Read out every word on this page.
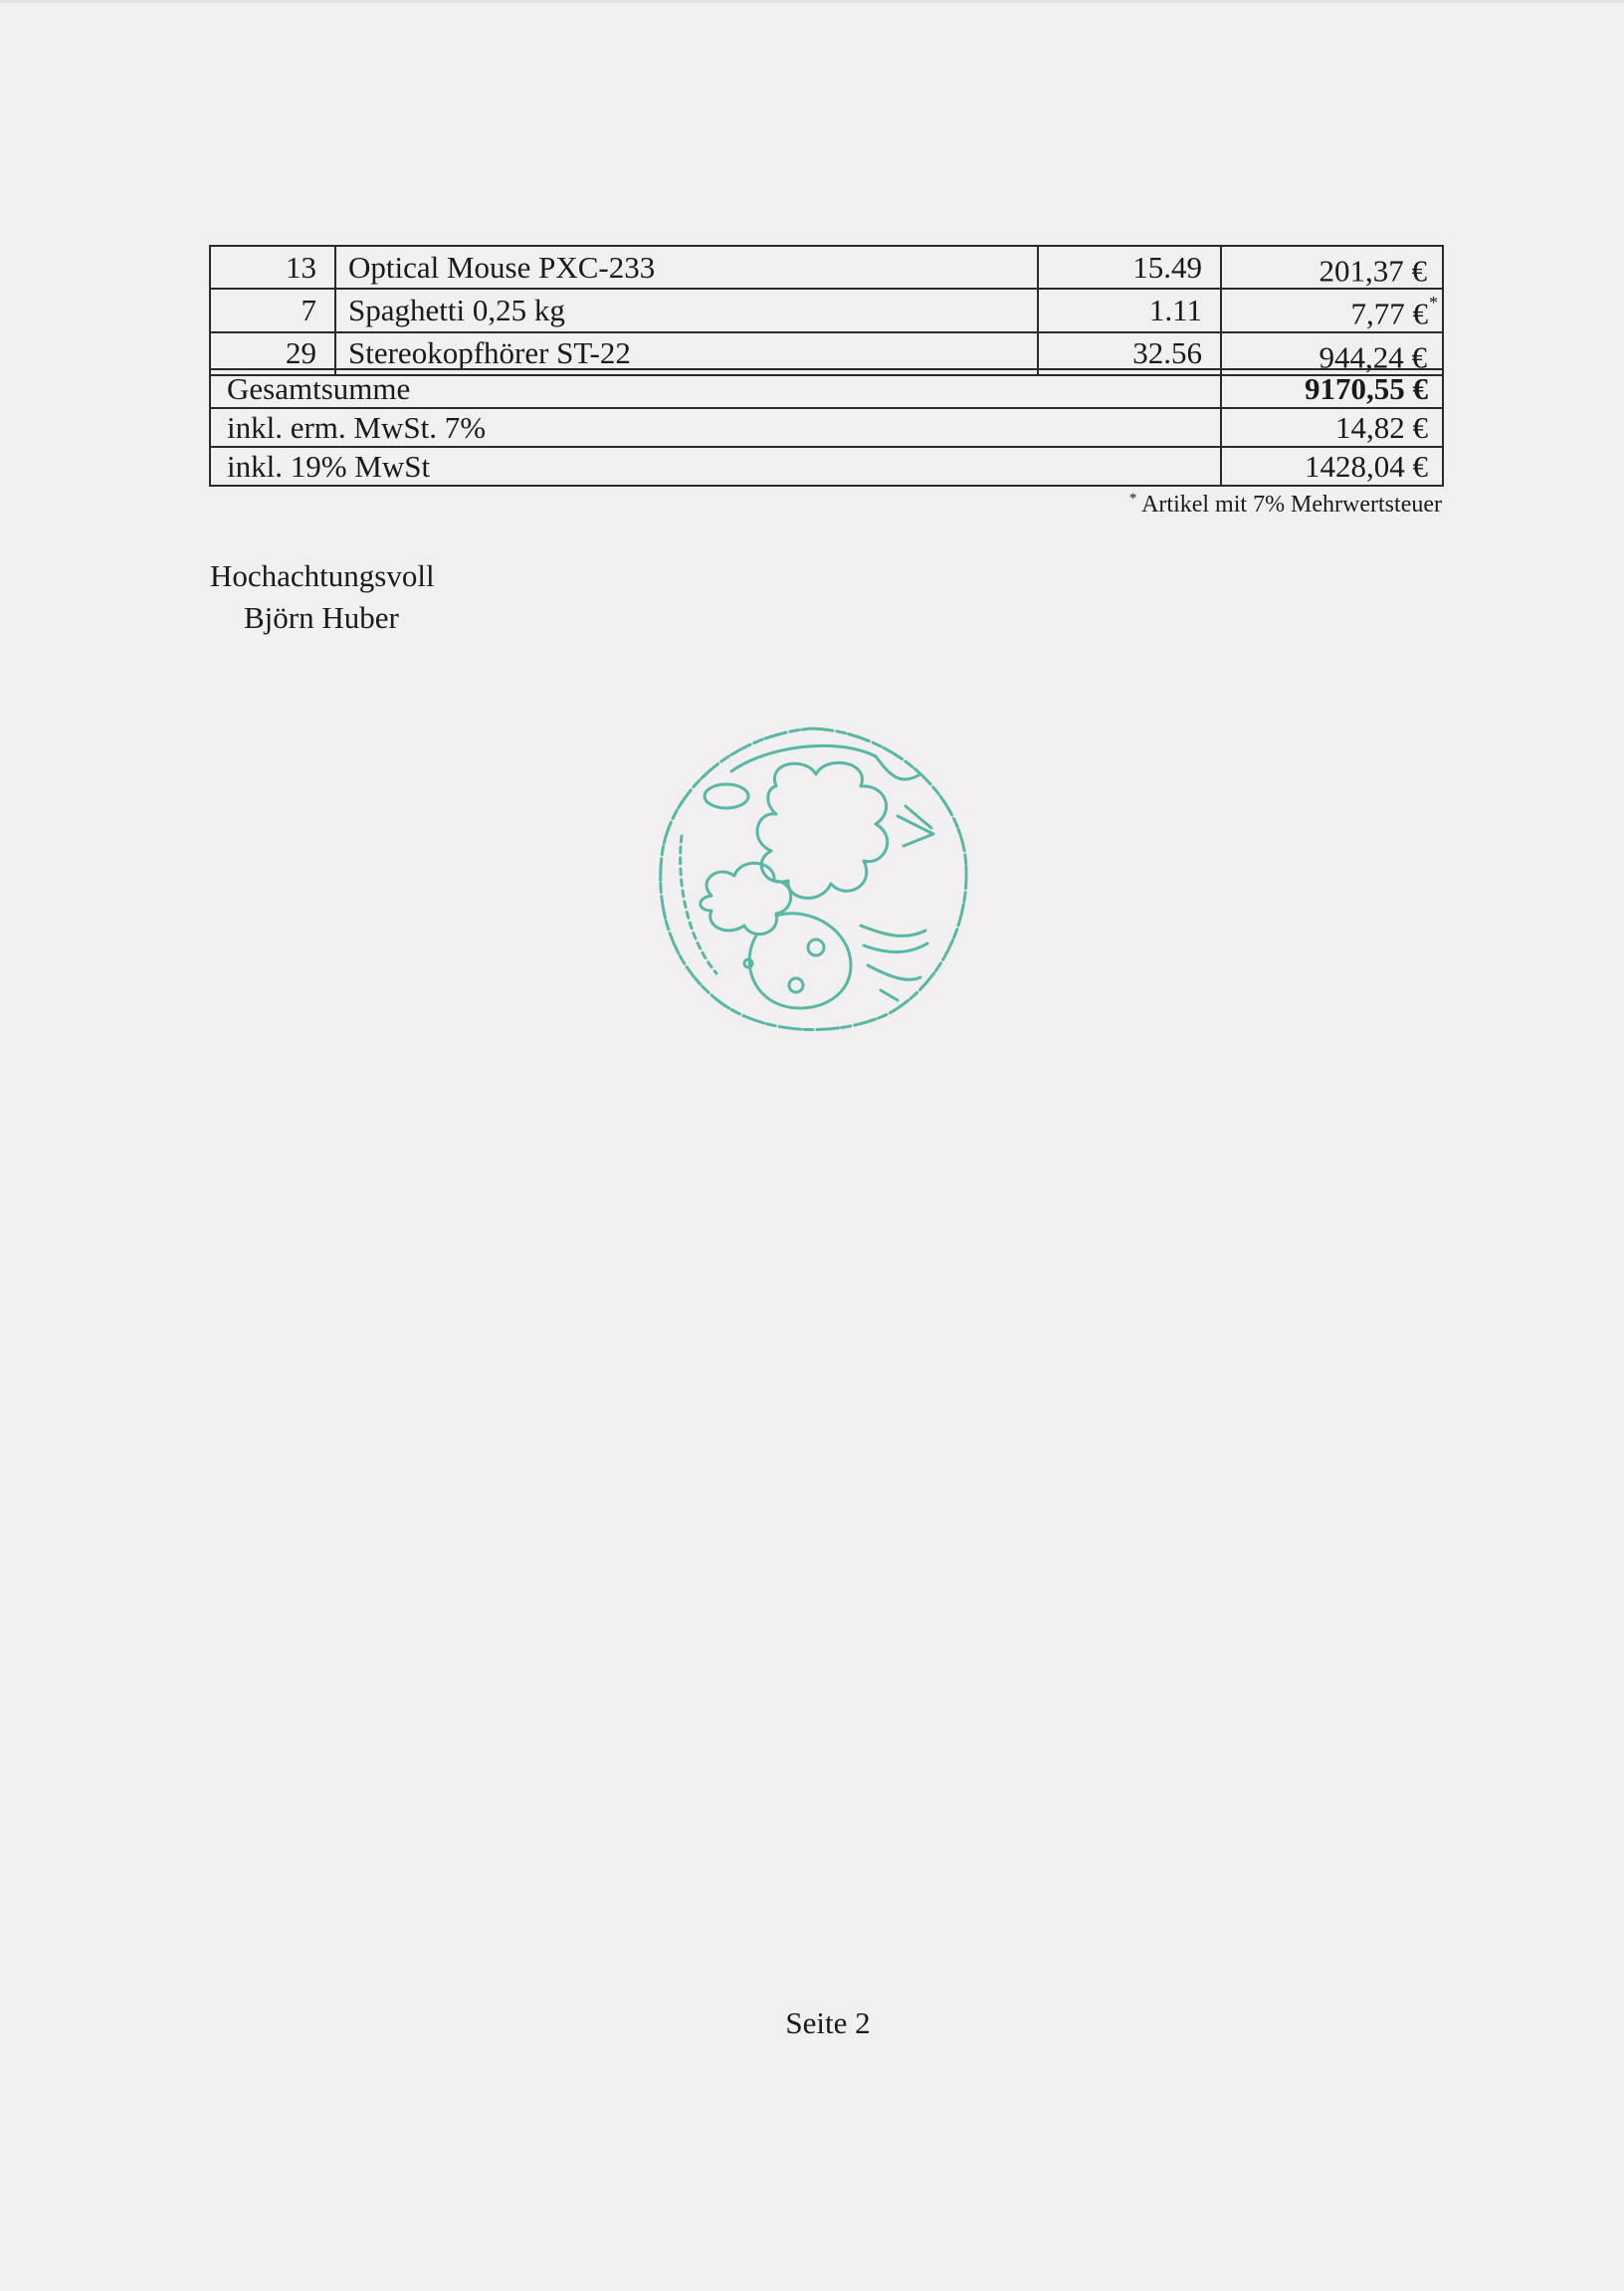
13	Optical Mouse PXC-233	15.49	201,37 €
7	Spaghetti 0,25 kg	1.11	7,77 €*
29	Stereokopfhörer ST-22	32.56	944,24 €
Gesamtsumme	9170,55 €
inkl. erm. MwSt. 7%	14,82 €
inkl. 19% MwSt	1428,04 €
* Artikel mit 7% Mehrwertsteuer
Hochachtungsvoll
Björn Huber
Seite 2
